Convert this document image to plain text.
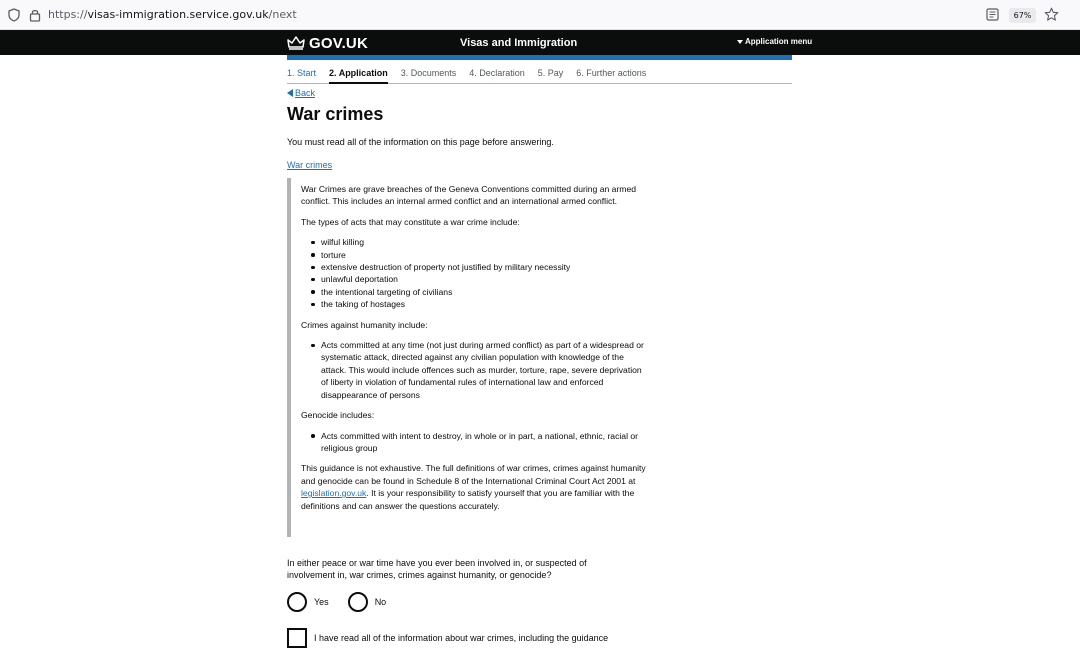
https://visas-immigration.service.gov.uk/next	67%
GOV.UK	Visas and Immigration	Application menu
1. Start 2. Application 3. Documents 4. Declaration 5. Pay 6. Further actions
Back
War crimes

You must read all of the information on this page before answering.

War crimes

War Crimes are grave breaches of the Geneva Conventions committed during an armed conflict. This includes an internal armed conflict and an international armed conflict.

The types of acts that may constitute a war crime include:

wilful killing
torture
extensive destruction of property not justified by military necessity
unlawful deportation
the intentional targeting of civilians
the taking of hostages

Crimes against humanity include:

Acts committed at any time (not just during armed conflict) as part of a widespread or systematic attack, directed against any civilian population with knowledge of the attack. This would include offences such as murder, torture, rape, severe deprivation of liberty in violation of fundamental rules of international law and enforced disappearance of persons

Genocide includes:

Acts committed with intent to destroy, in whole or in part, a national, ethnic, racial or religious group

This guidance is not exhaustive. The full definitions of war crimes, crimes against humanity and genocide can be found in Schedule 8 of the International Criminal Court Act 2001 at legislation.gov.uk. It is your responsibility to satisfy yourself that you are familiar with the definitions and can answer the questions accurately.

In either peace or war time have you ever been involved in, or suspected of involvement in, war crimes, crimes against humanity, or genocide?

Yes	No
I have read all of the information about war crimes, including the guidance
